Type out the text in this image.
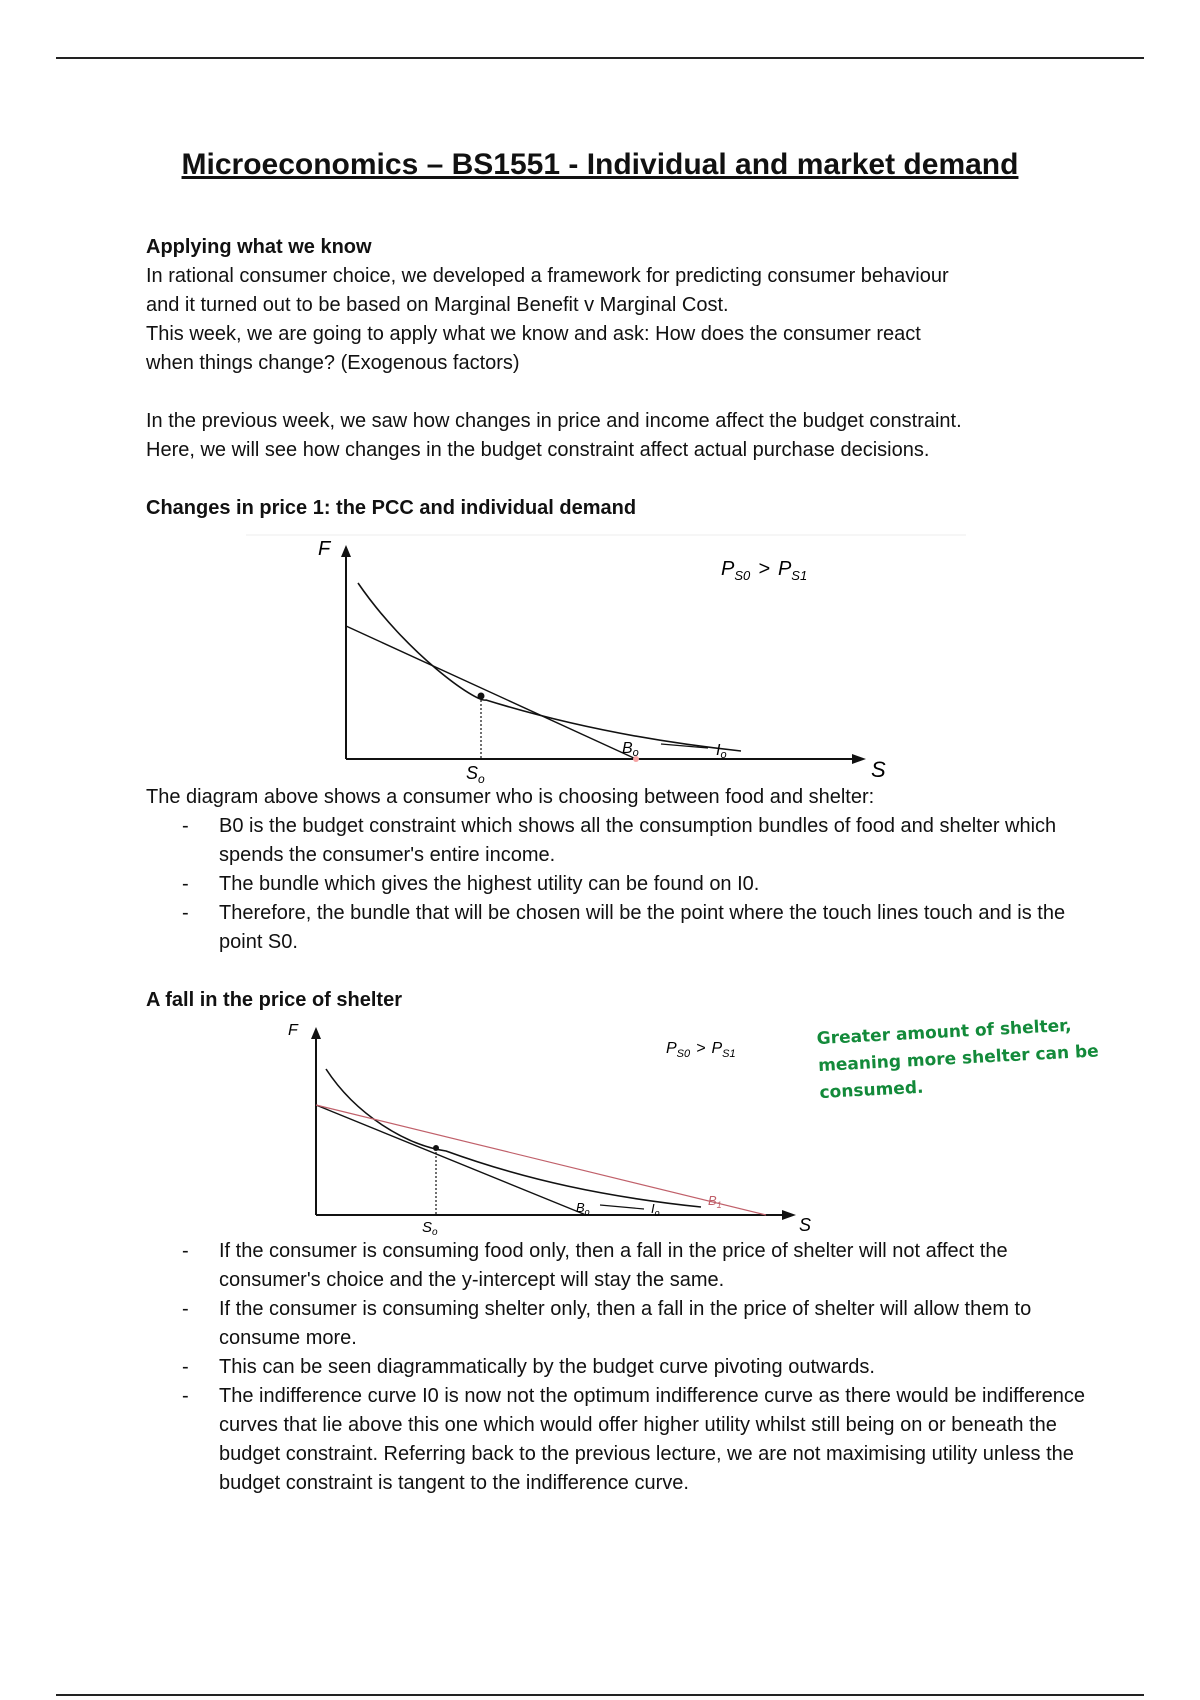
Microeconomics – BS1551 - Individual and market demand

Applying what we know

In rational consumer choice, we developed a framework for predicting consumer behaviour

and it turned out to be based on Marginal Benefit v Marginal Cost.

This week, we are going to apply what we know and ask: How does the consumer react

when things change? (Exogenous factors)

In the previous week, we saw how changes in price and income affect the budget constraint.

Here, we will see how changes in the budget constraint affect actual purchase decisions.

Changes in price 1: the PCC and individual demand

F
S
$S_o$
Bo	Io
$P_{S0} > P_{S1}$

The diagram above shows a consumer who is choosing between food and shelter:

- B0 is the budget constraint which shows all the consumption bundles of food and shelter which spends the consumer's entire income.
- The bundle which gives the highest utility can be found on I0.
- Therefore, the bundle that will be chosen will be the point where the touch lines touch and is the point S0.

A fall in the price of shelter

F
S
$S_o$
$B_o$	$I_o$
$B_1$
$P_{S0} > P_{S1}$
- If the consumer is consuming food only, then a fall in the price of shelter will not affect the consumer's choice and the y-intercept will stay the same.
- If the consumer is consuming shelter only, then a fall in the price of shelter will allow them to consume more.
- This can be seen diagrammatically by the budget curve pivoting outwards.
- The indifference curve I0 is now not the optimum indifference curve as there would be indifference curves that lie above this one which would offer higher utility whilst still being on or beneath the budget constraint. Referring back to the previous lecture, we are not maximising utility unless the budget constraint is tangent to the indifference curve.
Greater amount of shelter, meaning more shelter can be consumed.
